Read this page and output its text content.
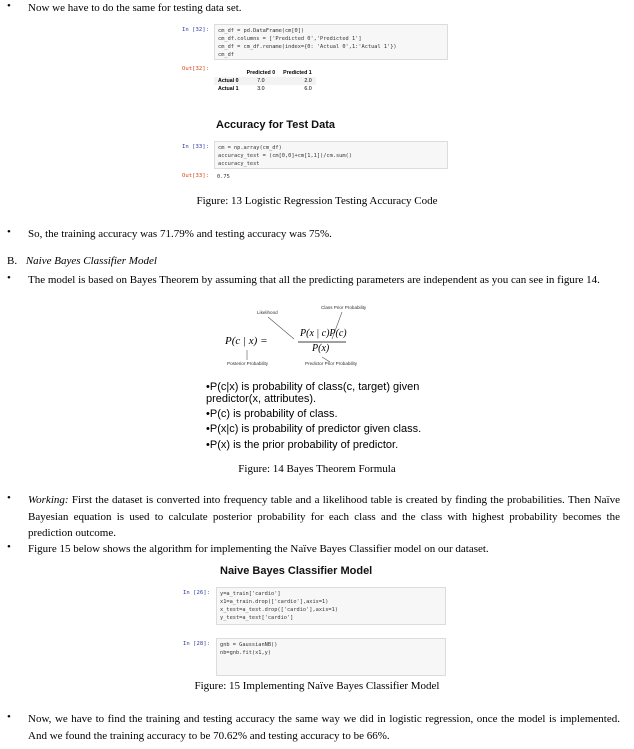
• Now we have to do the same for testing data set.
In [32]: cm_df = pd.DataFrame(cm[0])
cm_df.columns = ['Predicted 0','Predicted 1']
cm_df = cm_df.rename(index={0: 'Actual 0',1:'Actual 1'})
cm_df
Out[32]:
	Predicted 0	Predicted 1
Actual 0	7.0	2.0
Actual 1	3.0	6.0
Accuracy for Test Data
In [33]: cm = np.array(cm_df)
accuracy_test = (cm[0,0]+cm[1,1])/cm.sum()
accuracy_test
Out[33]: 0.75
Figure: 13 Logistic Regression Testing Accuracy Code
• So, the training accuracy was 71.79% and testing accuracy was 75%.
B. Naive Bayes Classifier Model
• The model is based on Bayes Theorem by assuming that all the predicting parameters are independent as you can see in figure 14.
Likelihood
Class Prior Probability
P(c | x) =
P(x | c)P(c)
P(x)
Posterior Probability	Predictor Prior Probability
•P(c|x) is probability of class(c, target) given
predictor(x, attributes).
•P(c) is probability of class.
•P(x|c) is probability of predictor given class.
•P(x) is the prior probability of predictor.
Figure: 14 Bayes Theorem Formula
• Working: First the dataset is converted into frequency table and a likelihood table is created by finding the probabilities. Then Naïve Bayesian equation is used to calculate posterior probability for each class and the class with highest probability becomes the prediction outcome.
• Figure 15 below shows the algorithm for implementing the Naïve Bayes Classifier model on our dataset.
Naive Bayes Classifier Model
In [26]: y=a_train['cardio']
x1=a_train.drop(['cardio'],axis=1)
x_test=a_test.drop(['cardio'],axis=1)
y_test=a_test['cardio']
In [28]: gnb = GaussianNB()
nb=gnb.fit(x1,y)
Figure: 15 Implementing Naïve Bayes Classifier Model
• Now, we have to find the training and testing accuracy the same way we did in logistic regression, once the model is implemented. And we found the training accuracy to be 70.62% and testing accuracy to be 66%.
